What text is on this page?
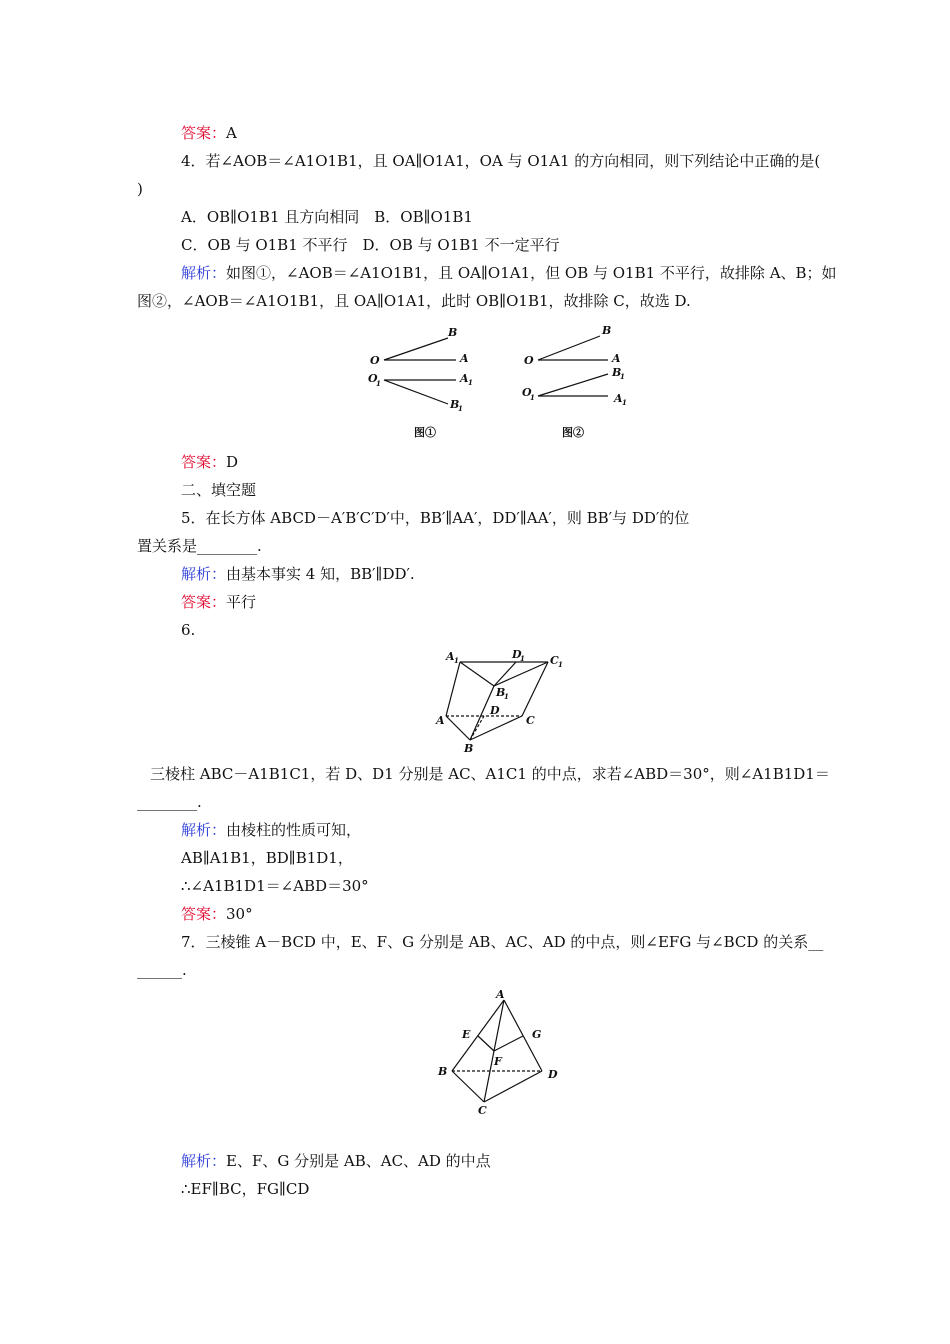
答案：A
4．若∠AOB＝∠A1O1B1，且 OA∥O1A1，OA 与 O1A1 的方向相同，则下列结论中正确的是(
)
A．OB∥O1B1 且方向相同　B．OB∥O1B1
C．OB 与 O1B1 不平行　D．OB 与 O1B1 不一定平行
解析：如图①，∠AOB＝∠A1O1B1，且 OA∥O1A1，但 OB 与 O1B1 不平行，故排除 A、B；如
图②，∠AOB＝∠A1O1B1，且 OA∥O1A1，此时 OB∥O1B1，故排除 C，故选 D.
B
O	A
O
1	A 1
B
1
图①
B
O	A
B
1
O
1	A 1
图②
答案：D
二、填空题
5．在长方体 ABCD－A′B′C′D′中，BB′∥AA′，DD′∥AA′，则 BB′与 DD′的位
置关系是________.
解析：由基本事实 4 知，BB′∥DD′.
答案：平行
6.
A 1	D
1 C 1
B
1
A
D
C
B
三棱柱 ABC－A1B1C1，若 D、D1 分别是 AC、A1C1 的中点，求若∠ABD＝30°，则∠A1B1D1＝
________.
解析：由棱柱的性质可知，
AB∥A1B1，BD∥B1D1，
∴∠A1B1D1＝∠ABD＝30°
答案：30°
7．三棱锥 A－BCD 中，E、F、G 分别是 AB、AC、AD 的中点，则∠EFG 与∠BCD 的关系__
______.
A
E	G
F
B	D
C
解析：E、F、G 分别是 AB、AC、AD 的中点
∴EF∥BC，FG∥CD
